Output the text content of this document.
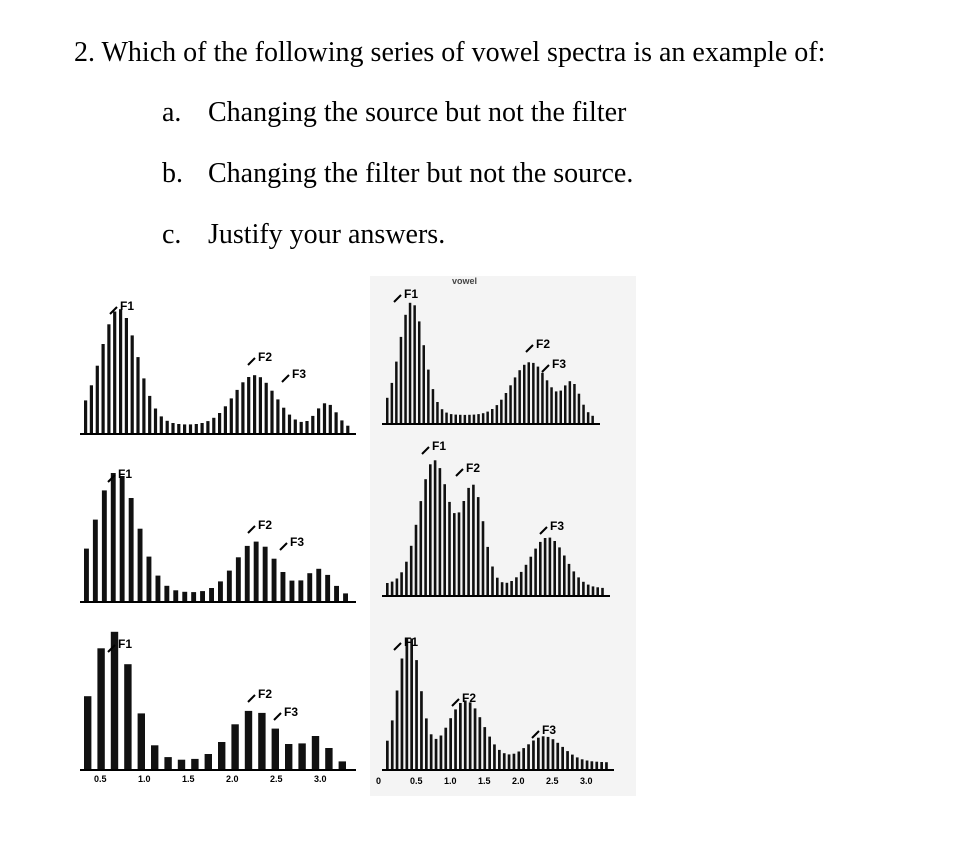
2. Which of the following series of vowel spectra is an example of:
a. Changing the source but not the filter
b. Changing the filter but not the source.
c. Justify your answers.
F1
F2
F3
F1
F2
F3
F1
F2
F3
0.5	1.0	1.5	2.0	2.5	3.0
vowel
F1
F2
F3
F1
F2
F3
F1
F2
F3
0	0.5 1.0 1.5 2.0 2.5 3.0
